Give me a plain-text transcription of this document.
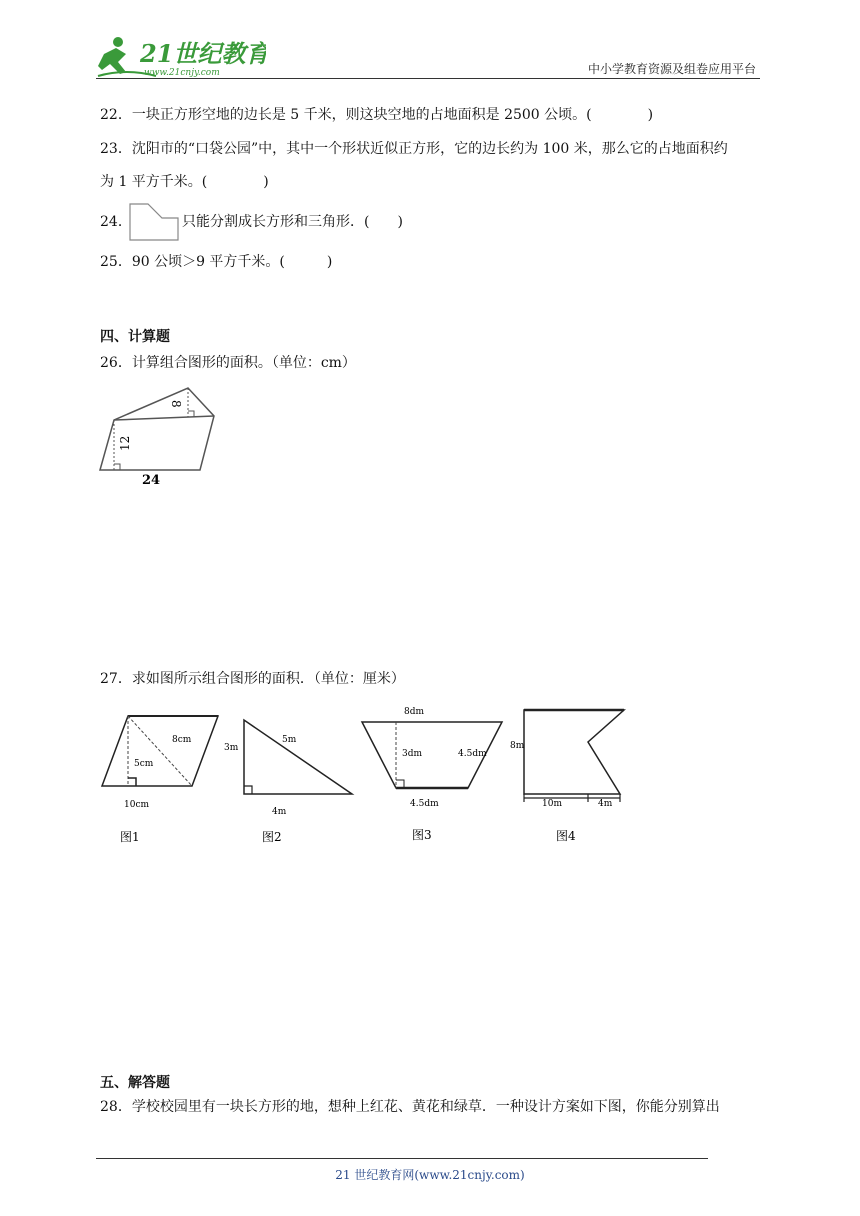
21世纪教育
www.21cnjy.com	中小学教育资源及组卷应用平台
22．一块正方形空地的边长是 5 千米，则这块空地的占地面积是 2500 公顷。(　　　　)
23．沈阳市的“口袋公园”中，其中一个形状近似正方形，它的边长约为 100 米，那么它的占地面积约
为 1 平方千米。(　　　　)
24．	只能分割成长方形和三角形．(　　)
25．90 公顷＞9 平方千米。(　　　)
四、计算题
26．计算组合图形的面积。（单位：cm）
8
12
24
27．求如图所示组合图形的面积．（单位：厘米）
8cm
5cm
10cm
图1
3m
5m
4m
图2
8dm
3dm	4.5dm
4.5dm
图3
8m
10m	4m
图4
五、解答题
28．学校校园里有一块长方形的地，想种上红花、黄花和绿草．一种设计方案如下图，你能分别算出
21 世纪教育网(www.21cnjy.com)
